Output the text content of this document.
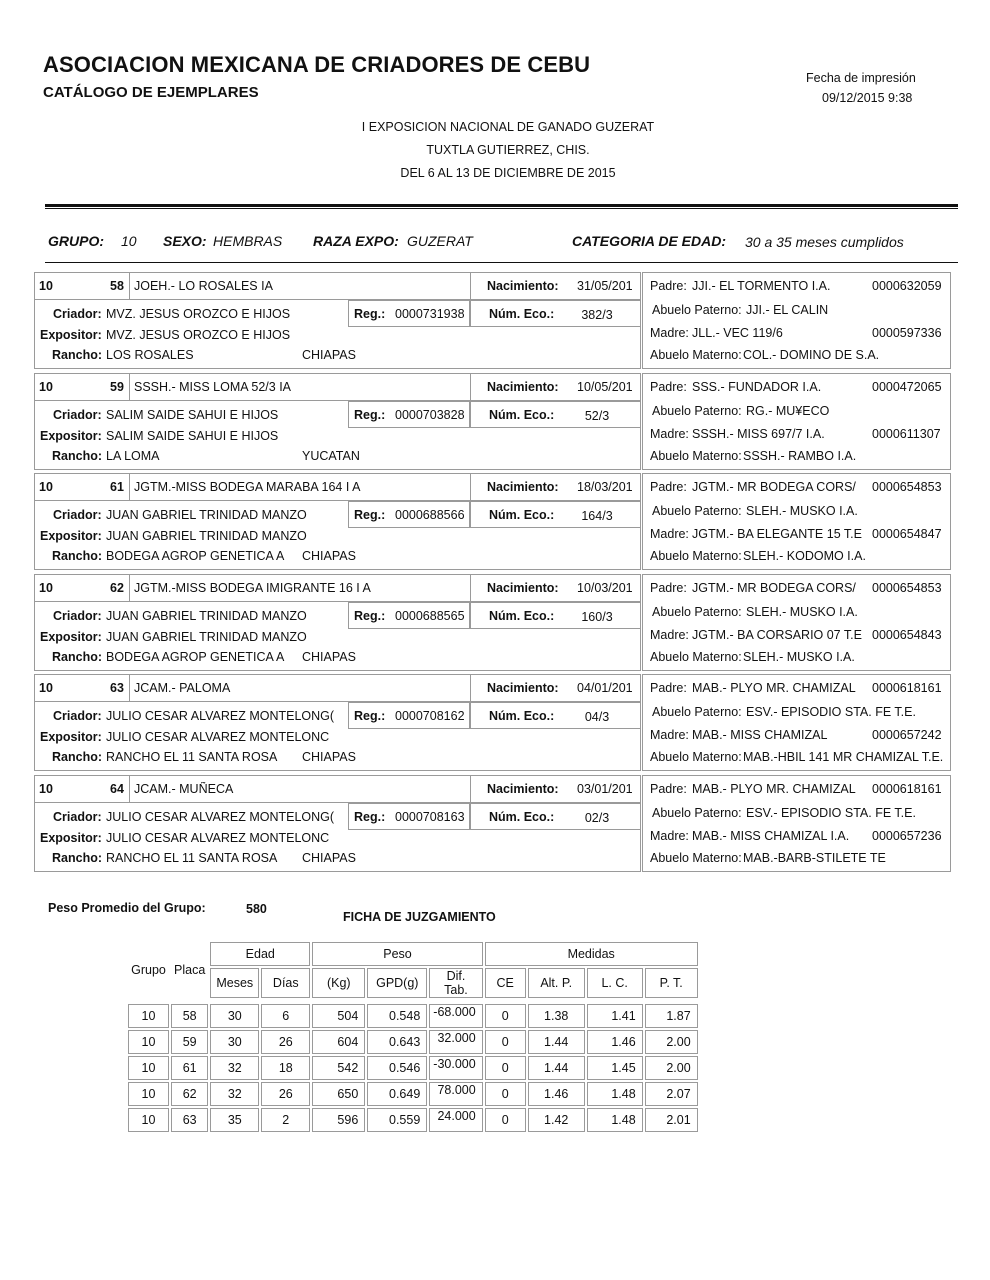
ASOCIACION MEXICANA DE CRIADORES DE CEBU
CATÁLOGO DE EJEMPLARES
Fecha de impresión
09/12/2015 9:38
I EXPOSICION NACIONAL DE GANADO GUZERAT
TUXTLA GUTIERREZ, CHIS.
DEL 6 AL 13 DE DICIEMBRE DE 2015
GRUPO: 10 SEXO: HEMBRAS RAZA EXPO: GUZERAT	CATEGORIA DE EDAD: 30 a 35 meses cumplidos
10	58 JOEH.- LO ROSALES IA	Nacimiento: 31/05/201
Criador: MVZ. JESUS OROZCO E HIJOS	Reg.: 0000731938 Núm. Eco.:	382/3
Expositor: MVZ. JESUS OROZCO E HIJOS
Rancho: LOS ROSALES	CHIAPAS
Padre: JJI.- EL TORMENTO I.A.	0000632059
Abuelo Paterno: JJI.- EL CALIN
Madre: JLL.- VEC 119/6	0000597336
Abuelo Materno: COL.- DOMINO DE S.A.
10	59 SSSH.- MISS LOMA 52/3 IA	Nacimiento: 10/05/201
Criador: SALIM SAIDE SAHUI E HIJOS	Reg.: 0000703828 Núm. Eco.:	52/3
Expositor: SALIM SAIDE SAHUI E HIJOS
Rancho: LA LOMA	YUCATAN
Padre: SSS.- FUNDADOR I.A.	0000472065
Abuelo Paterno: RG.- MU¥ECO
Madre: SSSH.- MISS 697/7 I.A.	0000611307
Abuelo Materno: SSSH.- RAMBO I.A.
10	61 JGTM.-MISS BODEGA MARABA 164 I A	Nacimiento: 18/03/201
Criador: JUAN GABRIEL TRINIDAD MANZO	Reg.: 0000688566 Núm. Eco.:	164/3
Expositor: JUAN GABRIEL TRINIDAD MANZO
Rancho: BODEGA AGROP GENETICA A	CHIAPAS
Padre: JGTM.- MR BODEGA CORS/	0000654853
Abuelo Paterno: SLEH.- MUSKO I.A.
Madre: JGTM.- BA ELEGANTE 15 T.E 0000654847
Abuelo Materno: SLEH.- KODOMO I.A.
10	62 JGTM.-MISS BODEGA IMIGRANTE 16 I A	Nacimiento: 10/03/201
Criador: JUAN GABRIEL TRINIDAD MANZO	Reg.: 0000688565 Núm. Eco.:	160/3
Expositor: JUAN GABRIEL TRINIDAD MANZO
Rancho: BODEGA AGROP GENETICA A	CHIAPAS
Padre: JGTM.- MR BODEGA CORS/	0000654853
Abuelo Paterno: SLEH.- MUSKO I.A.
Madre: JGTM.- BA CORSARIO 07 T.E 0000654843
Abuelo Materno: SLEH.- MUSKO I.A.
10	63 JCAM.- PALOMA	Nacimiento: 04/01/201
Criador: JULIO CESAR ALVAREZ MONTELONG(	Reg.: 0000708162 Núm. Eco.:	04/3
Expositor: JULIO CESAR ALVAREZ MONTELONC
Rancho: RANCHO EL 11 SANTA ROSA	CHIAPAS
Padre: MAB.- PLYO MR. CHAMIZAL	0000618161
Abuelo Paterno: ESV.- EPISODIO STA. FE T.E.
Madre: MAB.- MISS CHAMIZAL	0000657242
Abuelo Materno: MAB.-HBIL 141 MR CHAMIZAL T.E.
10	64 JCAM.- MUÑECA	Nacimiento: 03/01/201
Criador: JULIO CESAR ALVAREZ MONTELONG(	Reg.: 0000708163 Núm. Eco.:	02/3
Expositor: JULIO CESAR ALVAREZ MONTELONC
Rancho: RANCHO EL 11 SANTA ROSA	CHIAPAS
Padre: MAB.- PLYO MR. CHAMIZAL	0000618161
Abuelo Paterno: ESV.- EPISODIO STA. FE T.E.
Madre: MAB.- MISS CHAMIZAL I.A.	0000657236
Abuelo Materno: MAB.-BARB-STILETE TE
Peso Promedio del Grupo:	580
FICHA DE JUZGAMIENTO
Grupo	Placa	Edad		Peso			Medidas			
		Meses	Días	(Kg)	GPD(g)	Dif. Tab.	CE	Alt. P.	L. C.	P. T.

10	58	30	6	504	0.548	-68.000	0	1.38	1.41	1.87
10	59	30	26	604	0.643	32.000	0	1.44	1.46	2.00
10	61	32	18	542	0.546	-30.000	0	1.44	1.45	2.00
10	62	32	26	650	0.649	78.000	0	1.46	1.48	2.07
10	63	35	2	596	0.559	24.000	0	1.42	1.48	2.01
